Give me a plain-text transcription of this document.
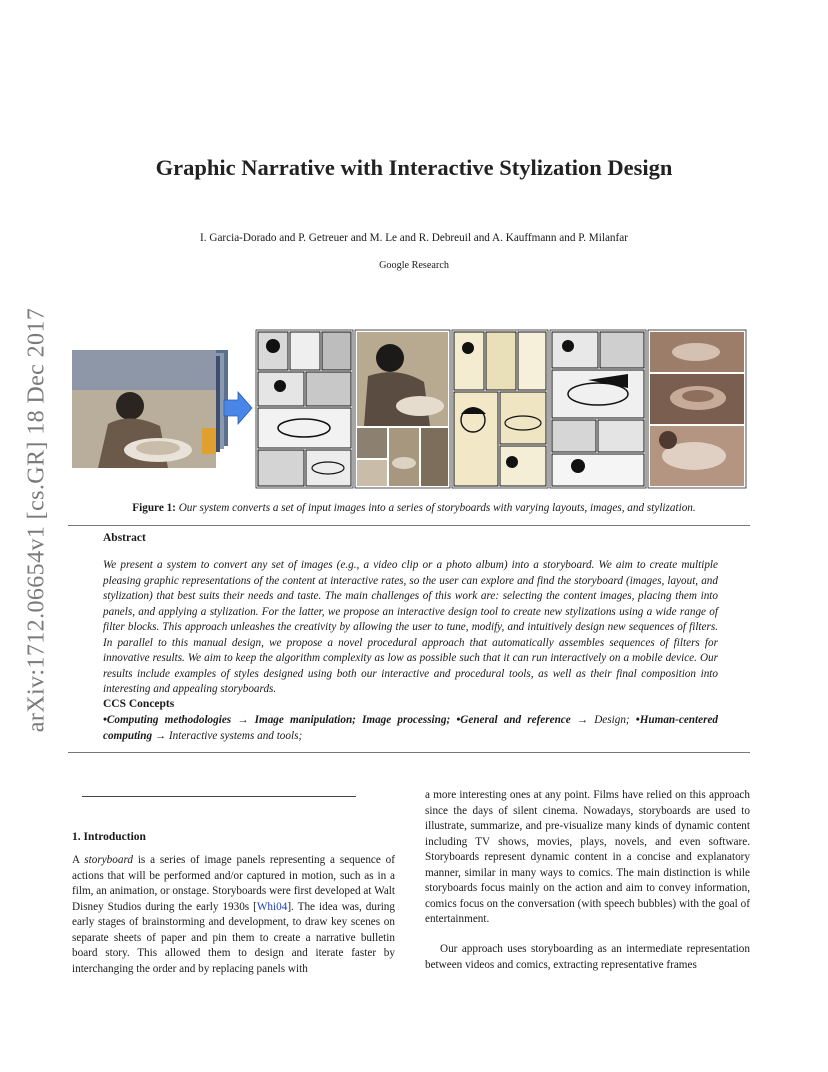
arXiv:1712.06654v1 [cs.GR] 18 Dec 2017
Graphic Narrative with Interactive Stylization Design
I. Garcia-Dorado and P. Getreuer and M. Le and R. Debreuil and A. Kauffmann and P. Milanfar
Google Research
Figure 1: Our system converts a set of input images into a series of storyboards with varying layouts, images, and stylization.
Abstract

We present a system to convert any set of images (e.g., a video clip or a photo album) into a storyboard. We aim to create multiple pleasing graphic representations of the content at interactive rates, so the user can explore and find the storyboard (images, layout, and stylization) that best suits their needs and taste. The main challenges of this work are: selecting the content images, placing them into panels, and applying a stylization. For the latter, we propose an interactive design tool to create new stylizations using a wide range of filter blocks. This approach unleashes the creativity by allowing the user to tune, modify, and intuitively design new sequences of filters. In parallel to this manual design, we propose a novel procedural approach that automatically assembles sequences of filters for innovative results. We aim to keep the algorithm complexity as low as possible such that it can run interactively on a mobile device. Our results include examples of styles designed using both our interactive and procedural tools, as well as their final composition into interesting and appealing storyboards.

CCS Concepts

•Computing methodologies → Image manipulation; Image processing; •General and reference → Design; •Human-centered computing → Interactive systems and tools;

1. Introduction

A storyboard is a series of image panels representing a sequence of actions that will be performed and/or captured in motion, such as in a film, an animation, or onstage. Storyboards were first developed at Walt Disney Studios during the early 1930s [Whi04]. The idea was, during early stages of brainstorming and development, to draw key scenes on separate sheets of paper and pin them to create a narrative bulletin board story. This allowed them to design and iterate faster by interchanging the order and by replacing panels with

a more interesting ones at any point. Films have relied on this approach since the days of silent cinema. Nowadays, storyboards are used to illustrate, summarize, and pre-visualize many kinds of dynamic content including TV shows, movies, plays, novels, and even software. Storyboards represent dynamic content in a concise and explanatory manner, similar in many ways to comics. The main distinction is while storyboards focus mainly on the action and aim to convey information, comics focus on the conversation (with speech bubbles) with the goal of entertainment.

Our approach uses storyboarding as an intermediate representation between videos and comics, extracting representative frames
